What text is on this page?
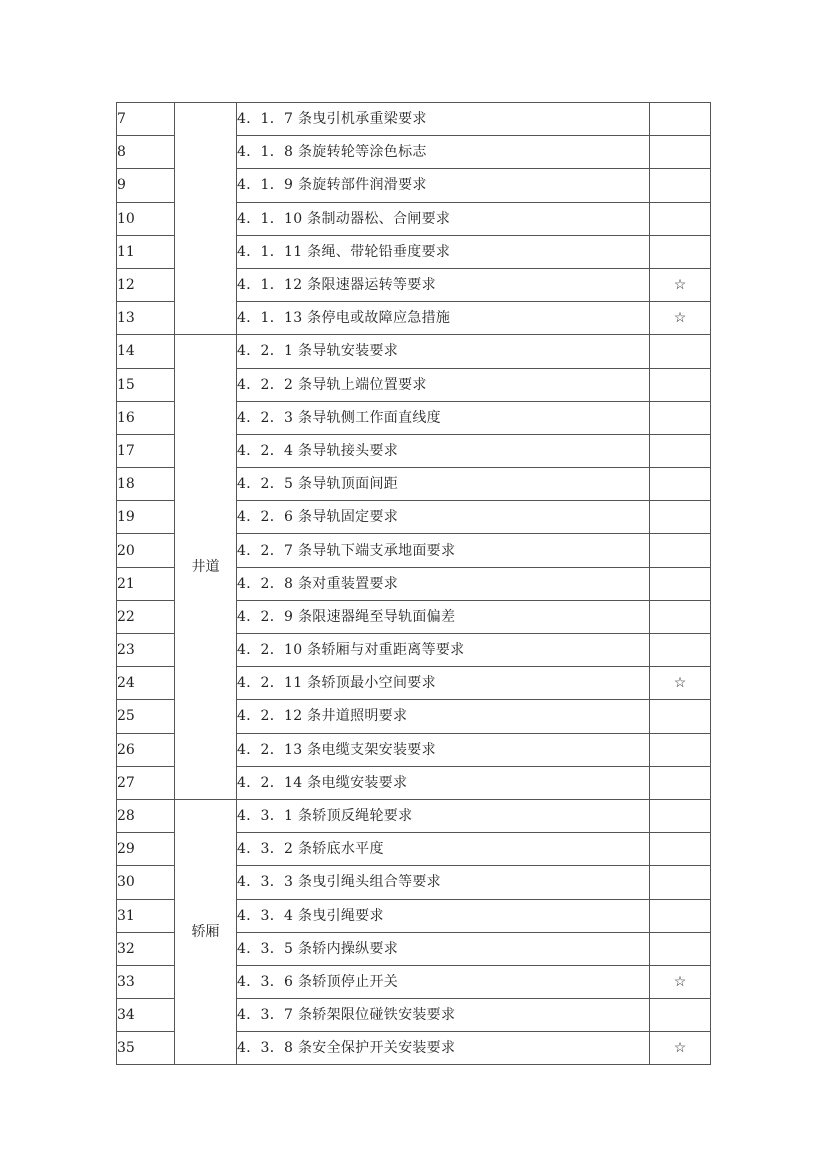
7		4．1．7 条曳引机承重梁要求	
8		4．1．8 条旋转轮等涂色标志	
9		4．1．9 条旋转部件润滑要求	
10		4．1．10 条制动器松、合闸要求	
11		4．1．11 条绳、带轮铅垂度要求	
12		4．1．12 条限速器运转等要求	☆
13		4．1．13 条停电或故障应急措施	☆
14	井道	4．2．1 条导轨安装要求	
15		4．2．2 条导轨上端位置要求	
16		4．2．3 条导轨侧工作面直线度	
17		4．2．4 条导轨接头要求	
18		4．2．5 条导轨顶面间距	
19		4．2．6 条导轨固定要求	
20		4．2．7 条导轨下端支承地面要求	
21		4．2．8 条对重装置要求	
22		4．2．9 条限速器绳至导轨面偏差	
23		4．2．10 条轿厢与对重距离等要求	
24		4．2．11 条轿顶最小空间要求	☆
25		4．2．12 条井道照明要求	
26		4．2．13 条电缆支架安装要求	
27		4．2．14 条电缆安装要求	
28	轿厢	4．3．1 条轿顶反绳轮要求	
29		4．3．2 条轿底水平度	
30		4．3．3 条曳引绳头组合等要求	
31		4．3．4 条曳引绳要求	
32		4．3．5 条轿内操纵要求	
33		4．3．6 条轿顶停止开关	☆
34		4．3．7 条轿架限位碰铁安装要求	
35		4．3．8 条安全保护开关安装要求	☆
